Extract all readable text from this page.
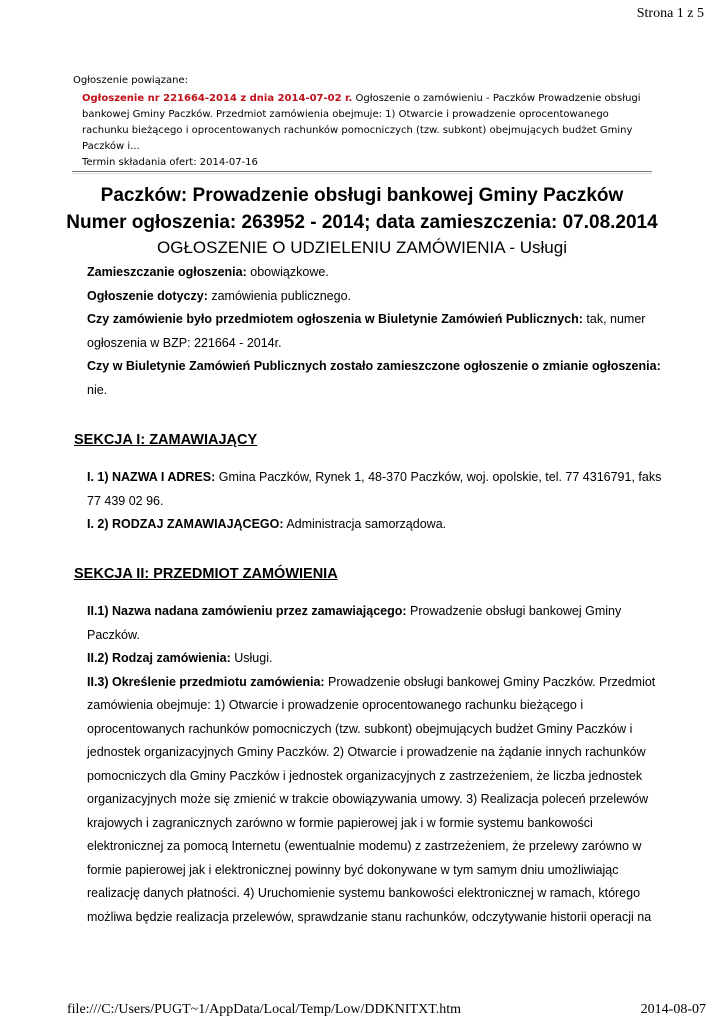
Strona 1 z 5
Ogłoszenie powiązane:
Ogłoszenie nr 221664-2014 z dnia 2014-07-02 r. Ogłoszenie o zamówieniu - Paczków Prowadzenie obsługi bankowej Gminy Paczków. Przedmiot zamówienia obejmuje: 1) Otwarcie i prowadzenie oprocentowanego rachunku bieżącego i oprocentowanych rachunków pomocniczych (tzw. subkont) obejmujących budżet Gminy Paczków i...
Termin składania ofert: 2014-07-16
Paczków: Prowadzenie obsługi bankowej Gminy Paczków
Numer ogłoszenia: 263952 - 2014; data zamieszczenia: 07.08.2014
OGŁOSZENIE O UDZIELENIU ZAMÓWIENIA - Usługi

Zamieszczanie ogłoszenia: obowiązkowe.

Ogłoszenie dotyczy: zamówienia publicznego.

Czy zamówienie było przedmiotem ogłoszenia w Biuletynie Zamówień Publicznych: tak, numer ogłoszenia w BZP: 221664 - 2014r.

Czy w Biuletynie Zamówień Publicznych zostało zamieszczone ogłoszenie o zmianie ogłoszenia: nie.

SEKCJA I: ZAMAWIAJĄCY

I. 1) NAZWA I ADRES: Gmina Paczków, Rynek 1, 48-370 Paczków, woj. opolskie, tel. 77 4316791, faks 77 439 02 96.

I. 2) RODZAJ ZAMAWIAJĄCEGO: Administracja samorządowa.

SEKCJA II: PRZEDMIOT ZAMÓWIENIA

II.1) Nazwa nadana zamówieniu przez zamawiającego: Prowadzenie obsługi bankowej Gminy Paczków.

II.2) Rodzaj zamówienia: Usługi.

II.3) Określenie przedmiotu zamówienia: Prowadzenie obsługi bankowej Gminy Paczków. Przedmiot zamówienia obejmuje: 1) Otwarcie i prowadzenie oprocentowanego rachunku bieżącego i oprocentowanych rachunków pomocniczych (tzw. subkont) obejmujących budżet Gminy Paczków i jednostek organizacyjnych Gminy Paczków. 2) Otwarcie i prowadzenie na żądanie innych rachunków pomocniczych dla Gminy Paczków i jednostek organizacyjnych z zastrzeżeniem, że liczba jednostek organizacyjnych może się zmienić w trakcie obowiązywania umowy. 3) Realizacja poleceń przelewów krajowych i zagranicznych zarówno w formie papierowej jak i w formie systemu bankowości elektronicznej za pomocą Internetu (ewentualnie modemu) z zastrzeżeniem, że przelewy zarówno w formie papierowej jak i elektronicznej powinny być dokonywane w tym samym dniu umożliwiając realizację danych płatności. 4) Uruchomienie systemu bankowości elektronicznej w ramach, którego możliwa będzie realizacja przelewów, sprawdzanie stanu rachunków, odczytywanie historii operacji na

file:///C:/Users/PUGT~1/AppData/Local/Temp/Low/DDKNITXT.htm	2014-08-07
